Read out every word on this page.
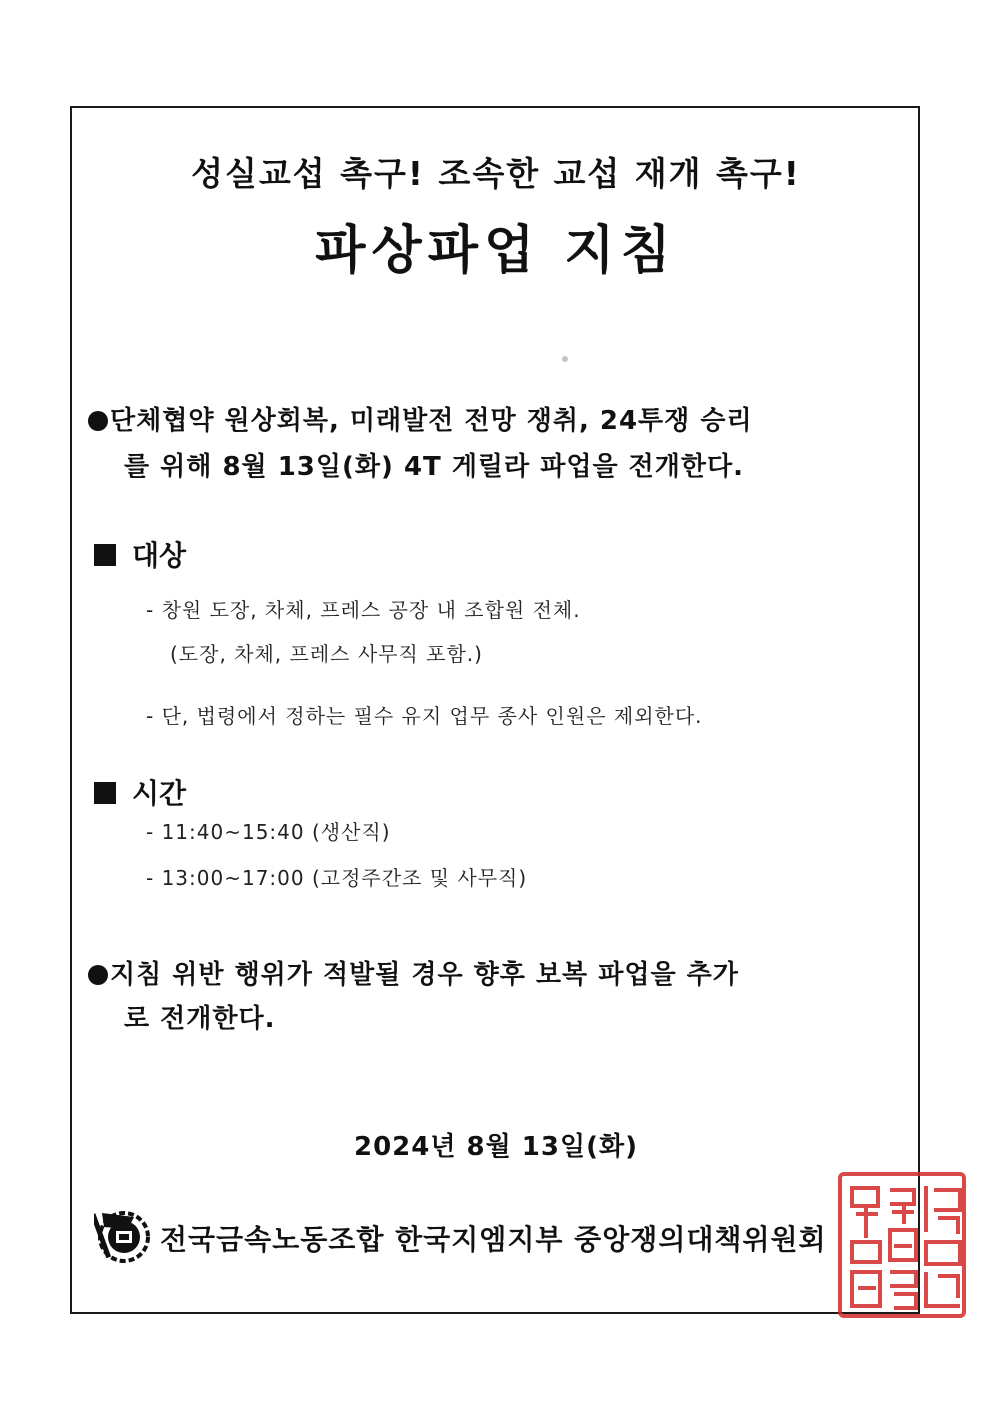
성실교섭 촉구! 조속한 교섭 재개 촉구!
파상파업 지침
단체협약 원상회복, 미래발전 전망 쟁취, 24투쟁 승리
를 위해 8월 13일(화) 4T 게릴라 파업을 전개한다.
대상
- 창원 도장, 차체, 프레스 공장 내 조합원 전체.
(도장, 차체, 프레스 사무직 포함.)
- 단, 법령에서 정하는 필수 유지 업무 종사 인원은 제외한다.
시간
- 11:40~15:40 (생산직)
- 13:00~17:00 (고정주간조 및 사무직)
지침 위반 행위가 적발될 경우 향후 보복 파업을 추가
로 전개한다.
2024년 8월 13일(화)
전국금속노동조합 한국지엠지부 중앙쟁의대책위원회
